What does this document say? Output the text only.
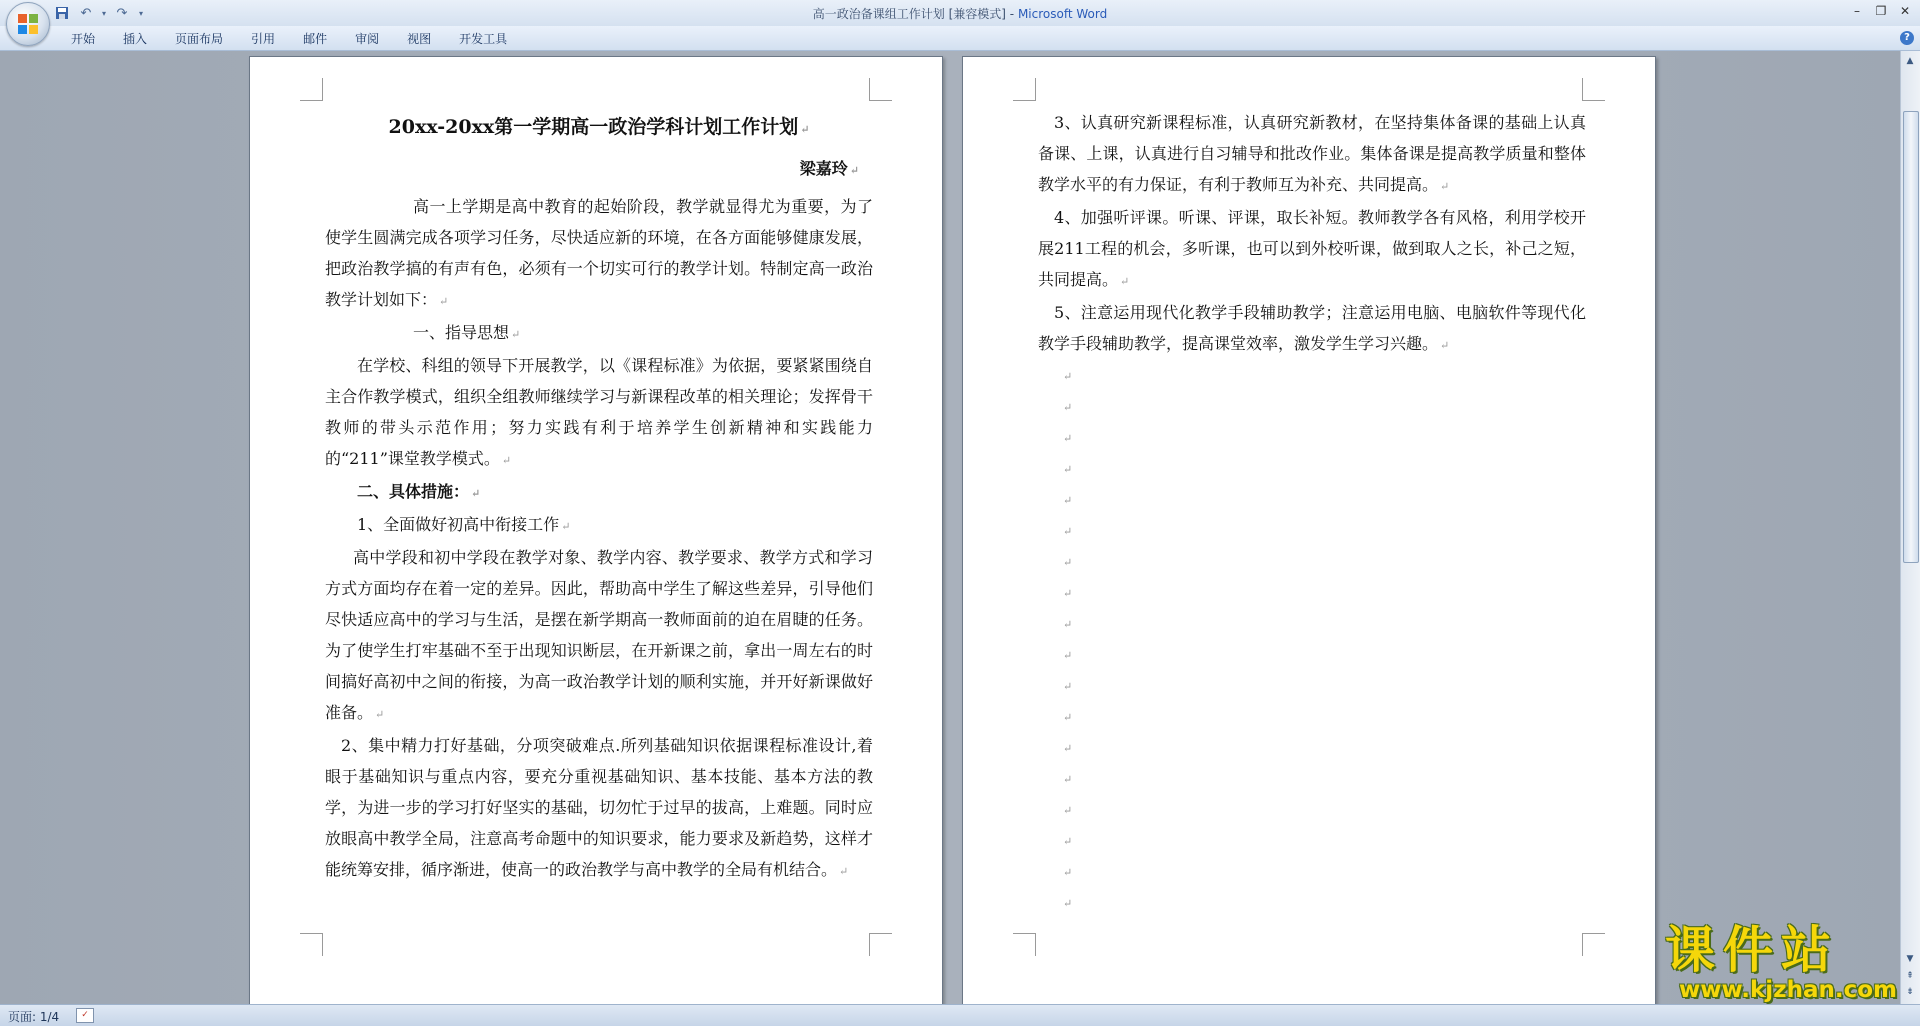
↶	▾ ↷	▾	高一政治备课组工作计划 [兼容模式] - Microsoft Word	–	❐	✕
开始	插入	页面布局	引用	邮件	审阅	视图	开发工具	?
20xx-20xx第一学期高一政治学科计划工作计划 ↵
梁嘉玲 ↵

高一上学期是高中教育的起始阶段，教学就显得尤为重要，为了使学生圆满完成各项学习任务，尽快适应新的环境，在各方面能够健康发展，把政治教学搞的有声有色，必须有一个切实可行的教学计划。特制定高一政治教学计划如下： ↵

一、指导思想 ↵

在学校、科组的领导下开展教学，以《课程标准》为依据，要紧紧围绕自主合作教学模式，组织全组教师继续学习与新课程改革的相关理论；发挥骨干教师的带头示范作用；努力实践有利于培养学生创新精神和实践能力的“211”课堂教学模式。 ↵

二、具体措施： ↵

1、全面做好初高中衔接工作 ↵

高中学段和初中学段在教学对象、教学内容、教学要求、教学方式和学习方式方面均存在着一定的差异。因此，帮助高中学生了解这些差异，引导他们尽快适应高中的学习与生活，是摆在新学期高一教师面前的迫在眉睫的任务。为了使学生打牢基础不至于出现知识断层，在开新课之前，拿出一周左右的时间搞好高初中之间的衔接，为高一政治教学计划的顺利实施，并开好新课做好准备。 ↵

2、集中精力打好基础，分项突破难点.所列基础知识依据课程标准设计,着眼于基础知识与重点内容，要充分重视基础知识、基本技能、基本方法的教学，为进一步的学习打好坚实的基础，切勿忙于过早的拔高，上难题。同时应放眼高中教学全局，注意高考命题中的知识要求，能力要求及新趋势，这样才能统筹安排，循序渐进，使高一的政治教学与高中教学的全局有机结合。 ↵

3、认真研究新课程标准，认真研究新教材，在坚持集体备课的基础上认真备课、上课，认真进行自习辅导和批改作业。集体备课是提高教学质量和整体教学水平的有力保证，有利于教师互为补充、共同提高。 ↵

4、加强听评课。听课、评课，取长补短。教师教学各有风格，利用学校开展211工程的机会，多听课，也可以到外校听课，做到取人之长，补己之短，共同提高。 ↵

5、注意运用现代化教学手段辅助教学；注意运用电脑、电脑软件等现代化教学手段辅助教学，提高课堂效率，激发学生学习兴趣。 ↵

↵
↵
↵
↵
↵
↵
↵
↵
↵
↵
↵
↵
↵
↵
↵
↵
↵
↵
▲
▼
⇞
⇟
页面: 1/4	✓
课件站
www.kjzhan.com
